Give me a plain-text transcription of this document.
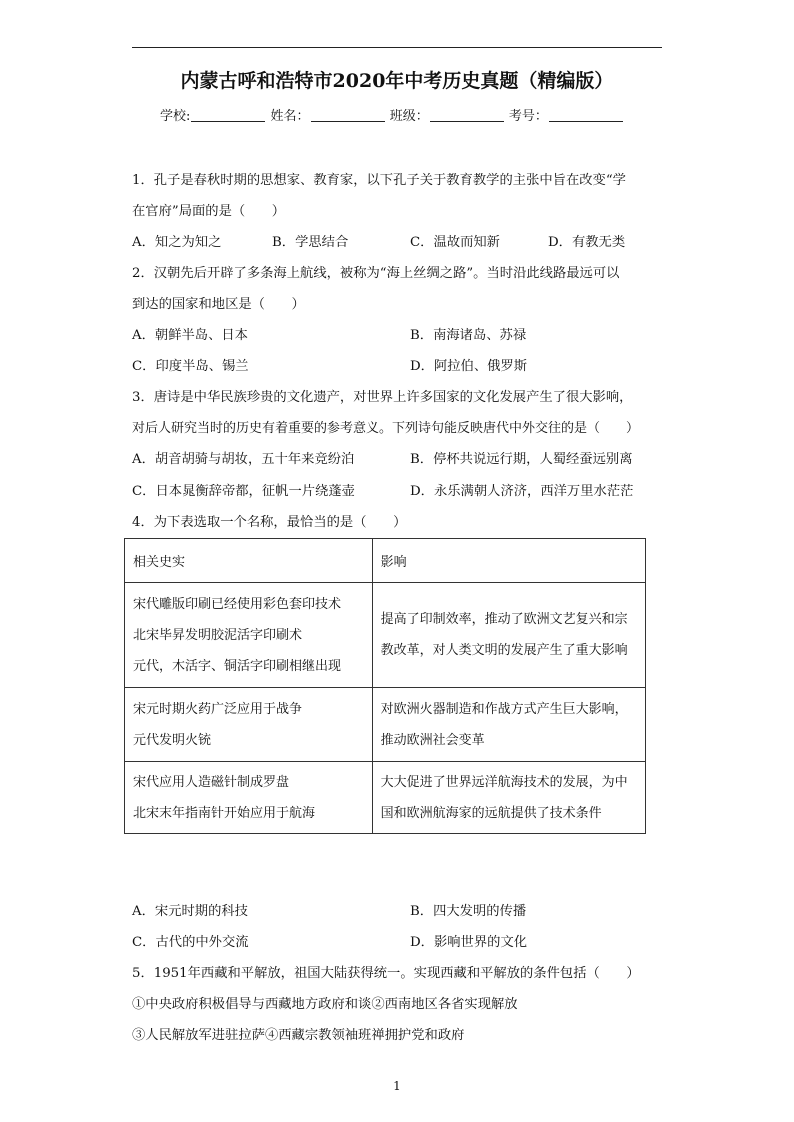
内蒙古呼和浩特市2020年中考历史真题（精编版）
学校:	姓名：	班级：	考号：
1．孔子是春秋时期的思想家、教育家，以下孔子关于教育教学的主张中旨在改变“学
在官府”局面的是（　　）
A．知之为知之	B．学思结合	C．温故而知新	D．有教无类
2．汉朝先后开辟了多条海上航线，被称为“海上丝绸之路”。当时沿此线路最远可以
到达的国家和地区是（　　）
A．朝鲜半岛、日本	B．南海诸岛、苏禄
C．印度半岛、锡兰	D．阿拉伯、俄罗斯
3．唐诗是中华民族珍贵的文化遗产，对世界上许多国家的文化发展产生了很大影响，
对后人研究当时的历史有着重要的参考意义。下列诗句能反映唐代中外交往的是（　　）
A．胡音胡骑与胡妆，五十年来竞纷泊	B．停杯共说远行期，人蜀经蚕远别离
C．日本晁衡辞帝都，征帆一片绕蓬壶	D．永乐满朝人济济，西洋万里水茫茫
4．为下表选取一个名称，最恰当的是（　　）
相关史实	影响

宋代雕版印刷已经使用彩色套印技术
北宋毕昇发明胶泥活字印刷术
元代，木活字、铜活字印刷相继出现	提高了印制效率，推动了欧洲文艺复兴和宗
教改革，对人类文明的发展产生了重大影响

宋元时期火药广泛应用于战争
元代发明火铳	对欧洲火器制造和作战方式产生巨大影响，
推动欧洲社会变革

宋代应用人造磁针制成罗盘
北宋末年指南针开始应用于航海	大大促进了世界远洋航海技术的发展，为中
国和欧洲航海家的远航提供了技术条件
A．宋元时期的科技	B．四大发明的传播
C．古代的中外交流	D．影响世界的文化
5．1951年西藏和平解放，祖国大陆获得统一。实现西藏和平解放的条件包括（　　）
①中央政府积极倡导与西藏地方政府和谈②西南地区各省实现解放
③人民解放军进驻拉萨④西藏宗教领袖班禅拥护党和政府
1
